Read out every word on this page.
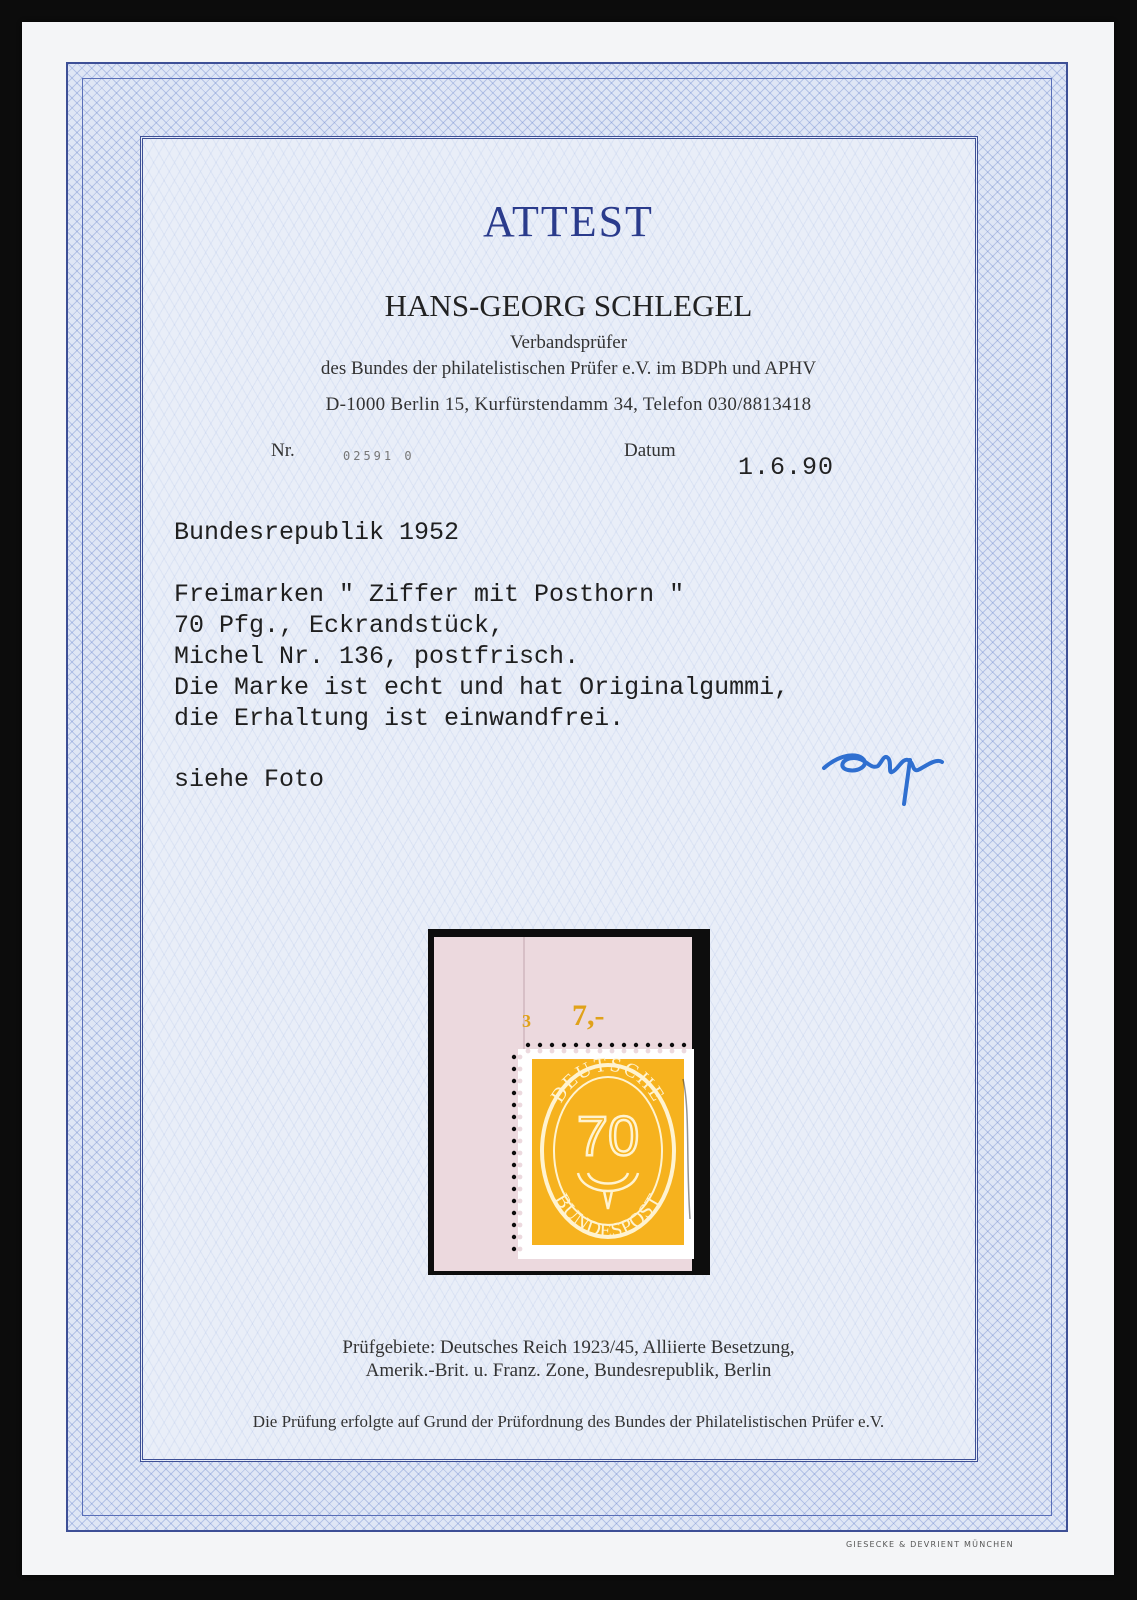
ATTEST
HANS-GEORG SCHLEGEL
Verbandsprüfer
des Bundes der philatelistischen Prüfer e.V. im BDPh und APHV
D-1000 Berlin 15, Kurfürstendamm 34, Telefon 030/8813418
Nr.	02591 0	Datum
1.6.90
Bundesrepublik 1952
Freimarken " Ziffer mit Posthorn "
70 Pfg., Eckrandstück,
Michel Nr. 136, postfrisch.
Die Marke ist echt und hat Originalgummi,
die Erhaltung ist einwandfrei.
siehe Foto
3 7,-
DEUTSCHE
BUNDESPOST
70
Prüfgebiete: Deutsches Reich 1923/45, Alliierte Besetzung,
Amerik.-Brit. u. Franz. Zone, Bundesrepublik, Berlin
Die Prüfung erfolgte auf Grund der Prüfordnung des Bundes der Philatelistischen Prüfer e.V.
GIESECKE & DEVRIENT MÜNCHEN
